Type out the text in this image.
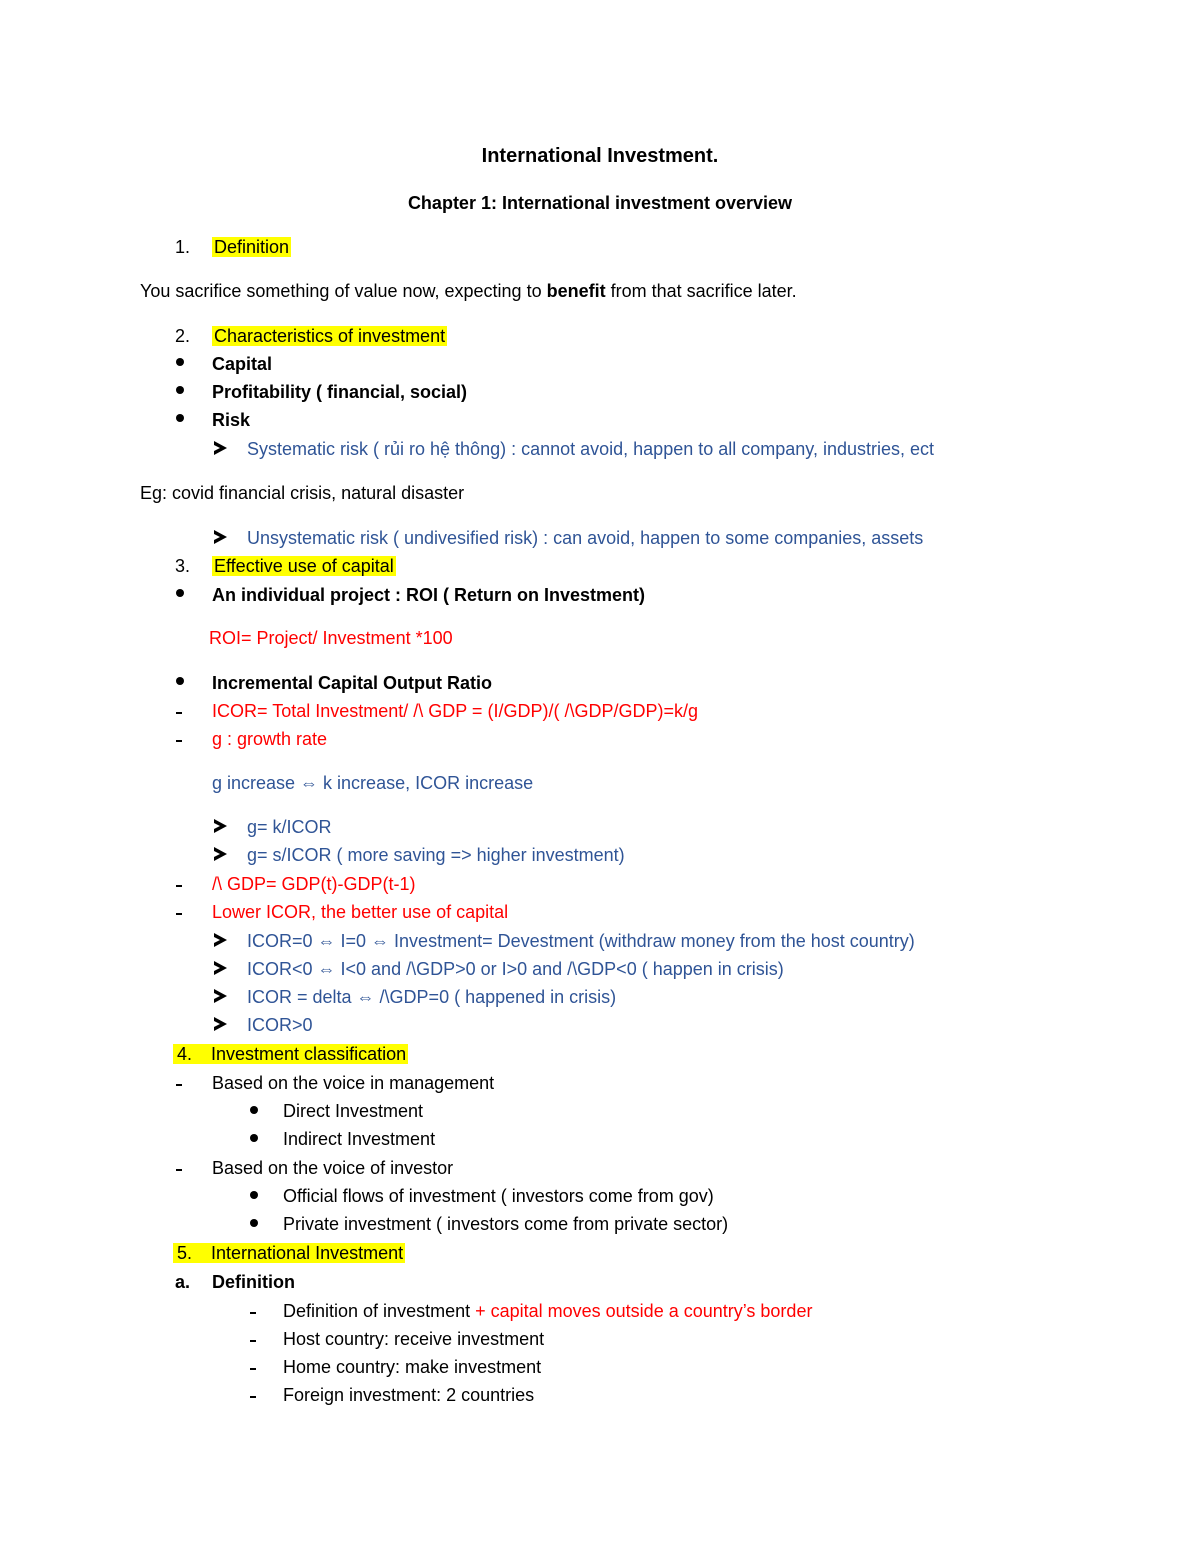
International Investment.
Chapter 1: International investment overview
1. Definition
You sacrifice something of value now, expecting to benefit from that sacrifice later.
2. Characteristics of investment
Capital
Profitability ( financial, social)
Risk
Systematic risk ( rủi ro hệ thông) : cannot avoid, happen to all company, industries, ect
Eg: covid financial crisis, natural disaster
Unsystematic risk ( undivesified risk) : can avoid, happen to some companies, assets
3. Effective use of capital
An individual project : ROI ( Return on Investment)
ROI= Project/ Investment *100
Incremental Capital Output Ratio
ICOR= Total Investment/ /\ GDP = (I/GDP)/( /\GDP/GDP)=k/g
g : growth rate
g increase ⇔ k increase, ICOR increase
g= k/ICOR
g= s/ICOR ( more saving => higher investment)
/\ GDP= GDP(t)-GDP(t-1)
Lower ICOR, the better use of capital
ICOR=0 ⇔ I=0 ⇔ Investment= Devestment (withdraw money from the host country)
ICOR<0 ⇔ I<0 and /\GDP>0 or I>0 and /\GDP<0 ( happen in crisis)
ICOR = delta ⇔ /\GDP=0 ( happened in crisis)
ICOR>0
4. Investment classification
Based on the voice in management
Direct Investment
Indirect Investment
Based on the voice of investor
Official flows of investment ( investors come from gov)
Private investment ( investors come from private sector)
5. International Investment
a. Definition
Definition of investment + capital moves outside a country’s border
Host country: receive investment
Home country: make investment
Foreign investment: 2 countries
